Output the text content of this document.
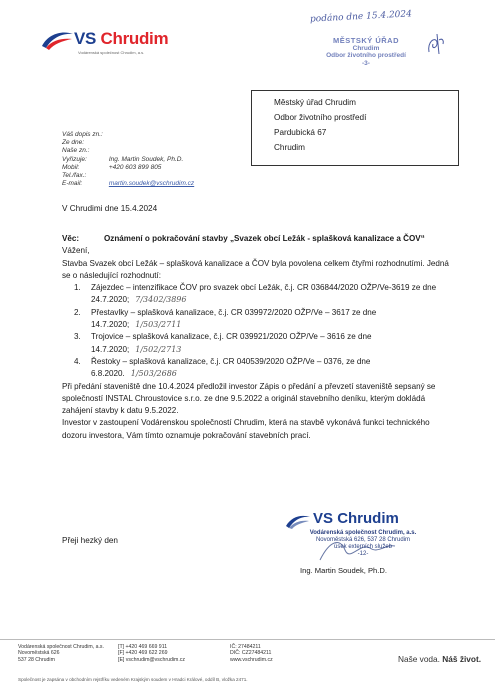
VS Chrudim
Vodárenská společnost Chrudim, a.s.
podáno dne 15.4.2024
MĚSTSKÝ ÚŘAD
Chrudim
Odbor životního prostředí
-3-
Městský úřad Chrudim
Odbor životního prostředí
Pardubická 67
Chrudim
Váš dopis zn.:	
Ze dne:	
Naše zn.:	
Vyřizuje:	Ing. Martin Soudek, Ph.D.
Mobil:	+420 603 899 805
Tel./fax.:	
E-mail:	martin.soudek@vschrudim.cz
V Chrudimi dne 15.4.2024

Věc:	Oznámení o pokračování stavby „Svazek obcí Ležák - splašková kanalizace a ČOV“

Vážení,

Stavba Svazek obcí Ležák – splašková kanalizace a ČOV byla povolena celkem čtyřmi rozhodnutími. Jedná se o následující rozhodnutí:

1. Zájezdec – intenzifikace ČOV pro svazek obcí Ležák, č.j. CR 036844/2020 OŽP/Ve-3619 ze dne 24.7.2020; 7/3402/3896
2. Přestavlky – splašková kanalizace, č.j. CR 039972/2020 OŽP/Ve – 3617 ze dne 14.7.2020; 1/503/2711
3. Trojovice – splašková kanalizace, č.j. CR 039921/2020 OŽP/Ve – 3616 ze dne 14.7.2020; 1/502/2713
4. Řestoky – splašková kanalizace, č.j. CR 040539/2020 OŽP/Ve – 0376, ze dne 6.8.2020. 1/503/2686

Při předání staveniště dne 10.4.2024 předložil investor Zápis o předání a převzetí staveniště sepsaný se společností INSTAL Chroustovice s.r.o. ze dne 9.5.2022 a originál stavebního deníku, kterým dokládá zahájení stavby k datu 9.5.2022.

Investor v zastoupení Vodárenskou společností Chrudim, která na stavbě vykonává funkci technického dozoru investora, Vám tímto oznamuje pokračování stavebních prací.

Přeji hezký den
VS Chrudim
Vodárenská společnost Chrudim, a.s.
Novoměstská 626, 537 28 Chrudim
úsek externích služeb
-12-
Ing. Martin Soudek, Ph.D.
Vodárenská společnost Chrudim, a.s.
Novoměstská 626
537 28 Chrudim
[T] +420 469 669 911
[F] +420 469 622 269
[E] vschrudim@vschrudim.cz
IČ: 27484211
DIČ: CZ27484211
www.vschrudim.cz	Naše voda. Náš život.
Společnost je zapsána v obchodním rejstříku vedeném Krajským soudem v Hradci Králové, oddíl B, vložka 2471.
